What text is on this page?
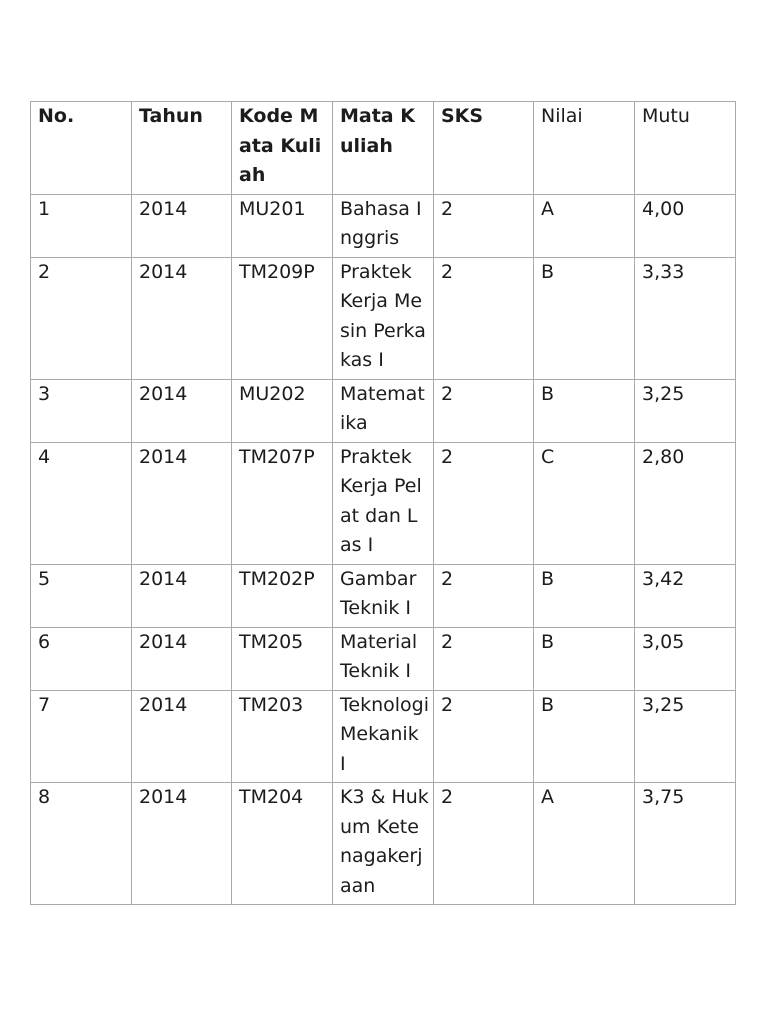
No.	Tahun	Kode Mata Kuliah	Mata Kuliah	SKS	Nilai	Mutu
1	2014	MU201	Bahasa Inggris	2	A	4,00
2	2014	TM209P	Praktek Kerja Mesin Perkakas I	2	B	3,33
3	2014	MU202	Matematika	2	B	3,25
4	2014	TM207P	Praktek Kerja Pelat dan Las I	2	C	2,80
5	2014	TM202P	Gambar Teknik I	2	B	3,42
6	2014	TM205	Material Teknik I	2	B	3,05
7	2014	TM203	Teknologi Mekanik I	2	B	3,25
8	2014	TM204	K3 & Hukum Ketenagakerjaan	2	A	3,75
